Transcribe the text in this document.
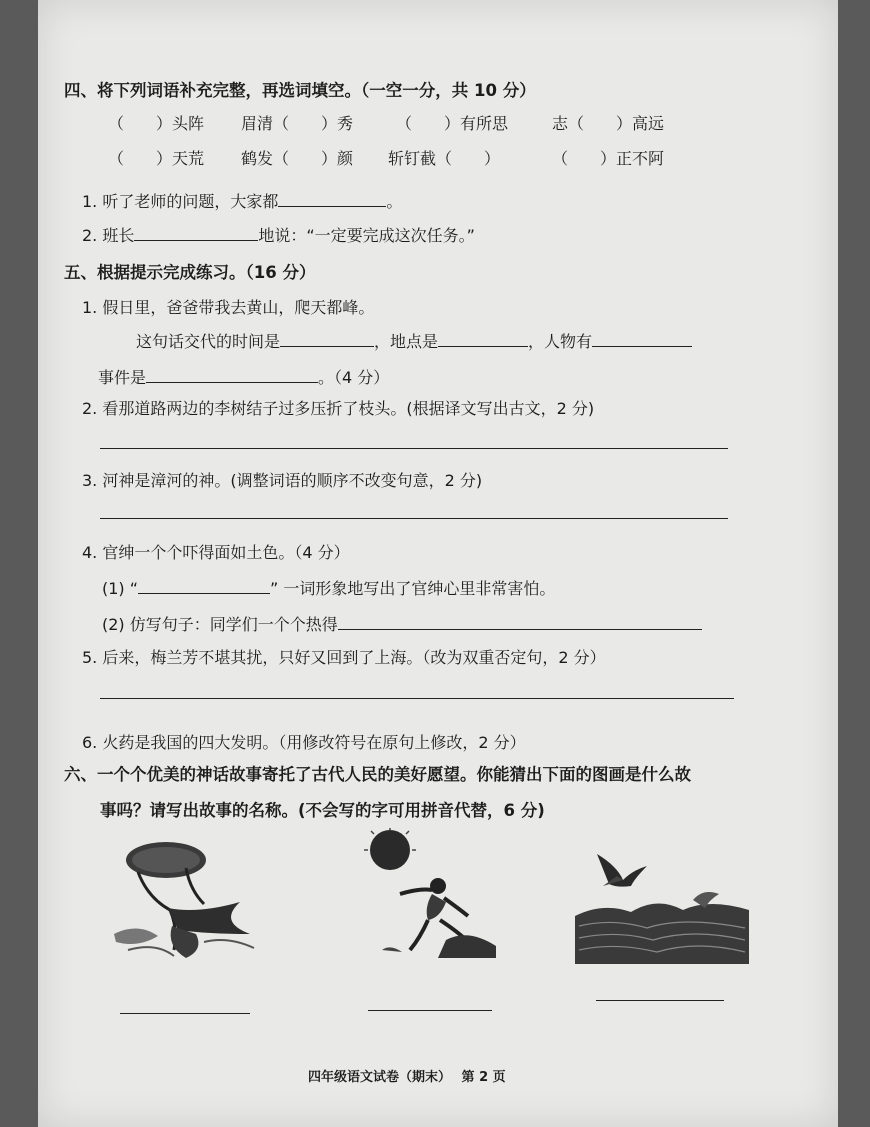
四、将下列词语补充完整，再选词填空。（一空一分，共 10 分）
（　　）头阵 眉清（　　）秀	（　　）有所思	志（　　）高远
（　　）天荒 鹤发（　　）颜 斩钉截（　　）	（　　）正不阿
1. 听了老师的问题，大家都	。
2. 班长	地说：“一定要完成这次任务。”
五、根据提示完成练习。（16 分）
1. 假日里，爸爸带我去黄山，爬天都峰。
这句话交代的时间是	，地点是	，人物有
事件是	。（4 分）
2. 看那道路两边的李树结子过多压折了枝头。(根据译文写出古文，2 分)
3. 河神是漳河的神。(调整词语的顺序不改变句意，2 分)
4. 官绅一个个吓得面如土色。（4 分）
(1) “	” 一词形象地写出了官绅心里非常害怕。
(2) 仿写句子：同学们一个个热得
5. 后来，梅兰芳不堪其扰，只好又回到了上海。（改为双重否定句，2 分）
6. 火药是我国的四大发明。（用修改符号在原句上修改，2 分）
六、一个个优美的神话故事寄托了古代人民的美好愿望。你能猜出下面的图画是什么故
事吗？请写出故事的名称。(不会写的字可用拼音代替，6 分)
四年级语文试卷（期末） 第 2 页
